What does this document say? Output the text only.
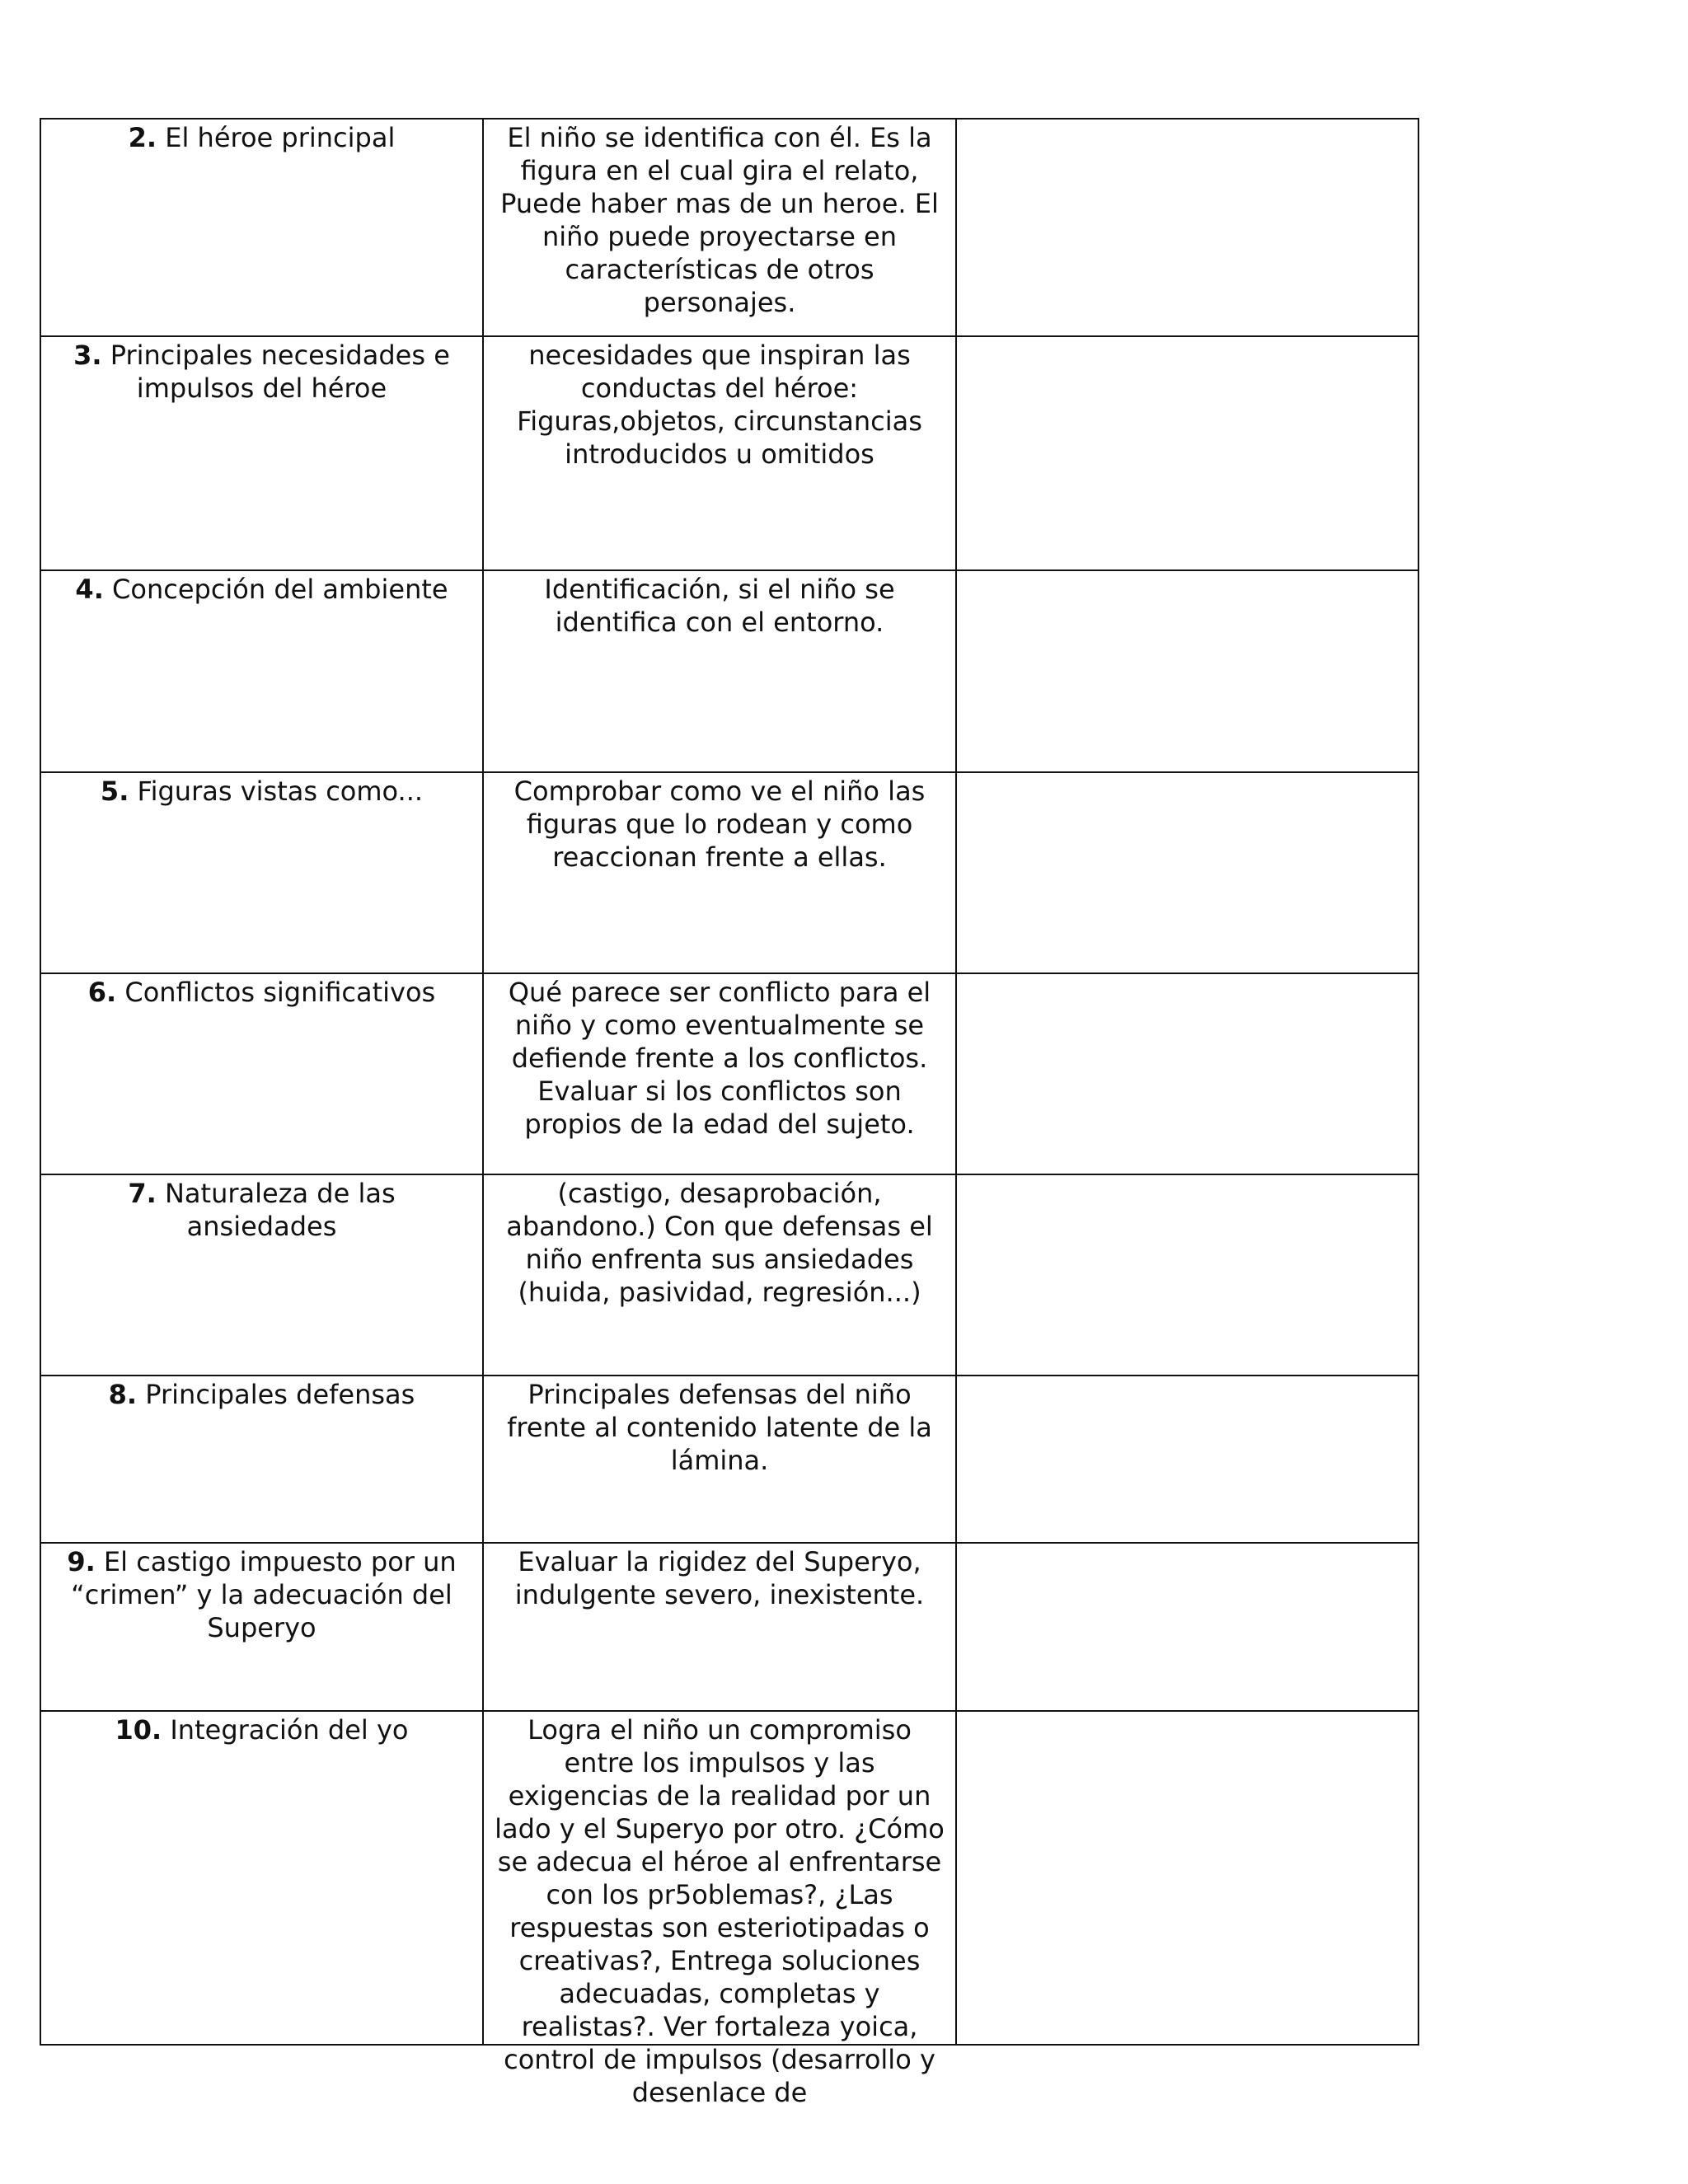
2. El héroe principal	El niño se identifica con él. Es la figura en el cual gira el relato, Puede haber mas de un heroe. El niño puede proyectarse en características de otros personajes.	
3. Principales necesidades e impulsos del héroe	necesidades que inspiran las conductas del héroe: Figuras,objetos, circunstancias introducidos u omitidos	
4. Concepción del ambiente	Identificación, si el niño se identifica con el entorno.	
5. Figuras vistas como...	Comprobar como ve el niño las figuras que lo rodean y como reaccionan frente a ellas.	
6. Conflictos significativos	Qué parece ser conflicto para el niño y como eventualmente se defiende frente a los conflictos. Evaluar si los conflictos son propios de la edad del sujeto.	
7. Naturaleza de las ansiedades	(castigo, desaprobación, abandono.) Con que defensas el niño enfrenta sus ansiedades (huida, pasividad, regresión...)	
8. Principales defensas	Principales defensas del niño frente al contenido latente de la lámina.	
9. El castigo impuesto por un “crimen” y la adecuación del Superyo	Evaluar la rigidez del Superyo, indulgente severo, inexistente.	
10. Integración del yo	Logra el niño un compromiso entre los impulsos y las exigencias de la realidad por un lado y el Superyo por otro. ¿Cómo se adecua el héroe al enfrentarse con los pr5oblemas?, ¿Las respuestas son esteriotipadas o creativas?, Entrega soluciones adecuadas, completas y realistas?. Ver fortaleza yoica, control de impulsos (desarrollo y desenlace de	
